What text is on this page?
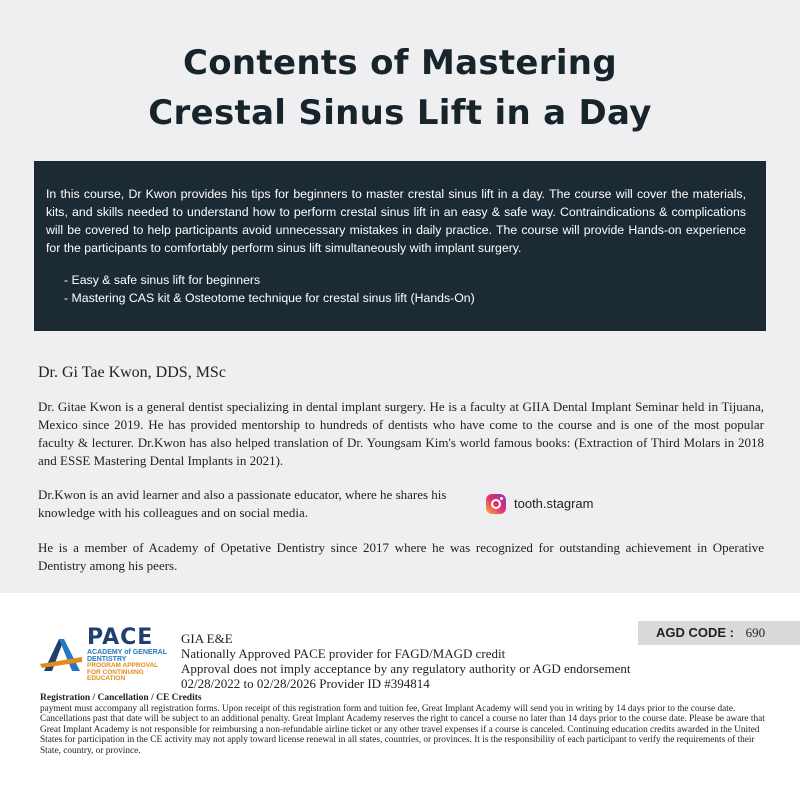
Contents of Mastering
Crestal Sinus Lift in a Day

In this course, Dr Kwon provides his tips for beginners to master crestal sinus lift in a day. The course will cover the materials, kits, and skills needed to understand how to perform crestal sinus lift in an easy & safe way. Contraindications & complications will be covered to help participants avoid unnecessary mistakes in daily practice. The course will provide Hands-on experience for the participants to comfortably perform sinus lift simultaneously with implant surgery.

- Easy & safe sinus lift for beginners
- Mastering CAS kit & Osteotome technique for crestal sinus lift (Hands-On)
Dr. Gi Tae Kwon, DDS, MSc

Dr. Gitae Kwon is a general dentist specializing in dental implant surgery. He is a faculty at GIIA Dental Implant Seminar held in Tijuana, Mexico since 2019. He has provided mentorship to hundreds of dentists who have come to the course and is one of the most popular faculty & lecturer. Dr.Kwon has also helped translation of Dr. Youngsam Kim's world famous books: (Extraction of Third Molars in 2018 and ESSE Mastering Dental Implants in 2021).

Dr.Kwon is an avid learner and also a passionate educator, where he shares his knowledge with his colleagues and on social media.

tooth.stagram

He is a member of Academy of Opetative Dentistry since 2017 where he was recognized for outstanding achievement in Operative Dentistry among his peers.

PACE
ACADEMY of GENERAL DENTISTRY
PROGRAM APPROVAL FOR CONTINUING EDUCATION
GIA E&E
Nationally Approved PACE provider for FAGD/MAGD credit
Approval does not imply acceptance by any regulatory authority or AGD endorsement
02/28/2022 to 02/28/2026 Provider ID #394814
AGD CODE : 690
Registration / Cancellation / CE Credits
payment must accompany all registration forms. Upon receipt of this registration form and tuition fee, Great Implant Academy will send you in writing by 14 days prior to the course date.
Cancellations past that date will be subject to an additional penalty. Great Implant Academy reserves the right to cancel a course no later than 14 days prior to the course date. Please be aware that Great Implant Academy is not responsible for reimbursing a non-refundable airline ticket or any other travel expenses if a course is canceled. Continuing education credits awarded in the United States for participation in the CE activity may not apply toward license renewal in all states, countries, or provinces. It is the responsibility of each participant to verify the requirements of their State, country, or province.
